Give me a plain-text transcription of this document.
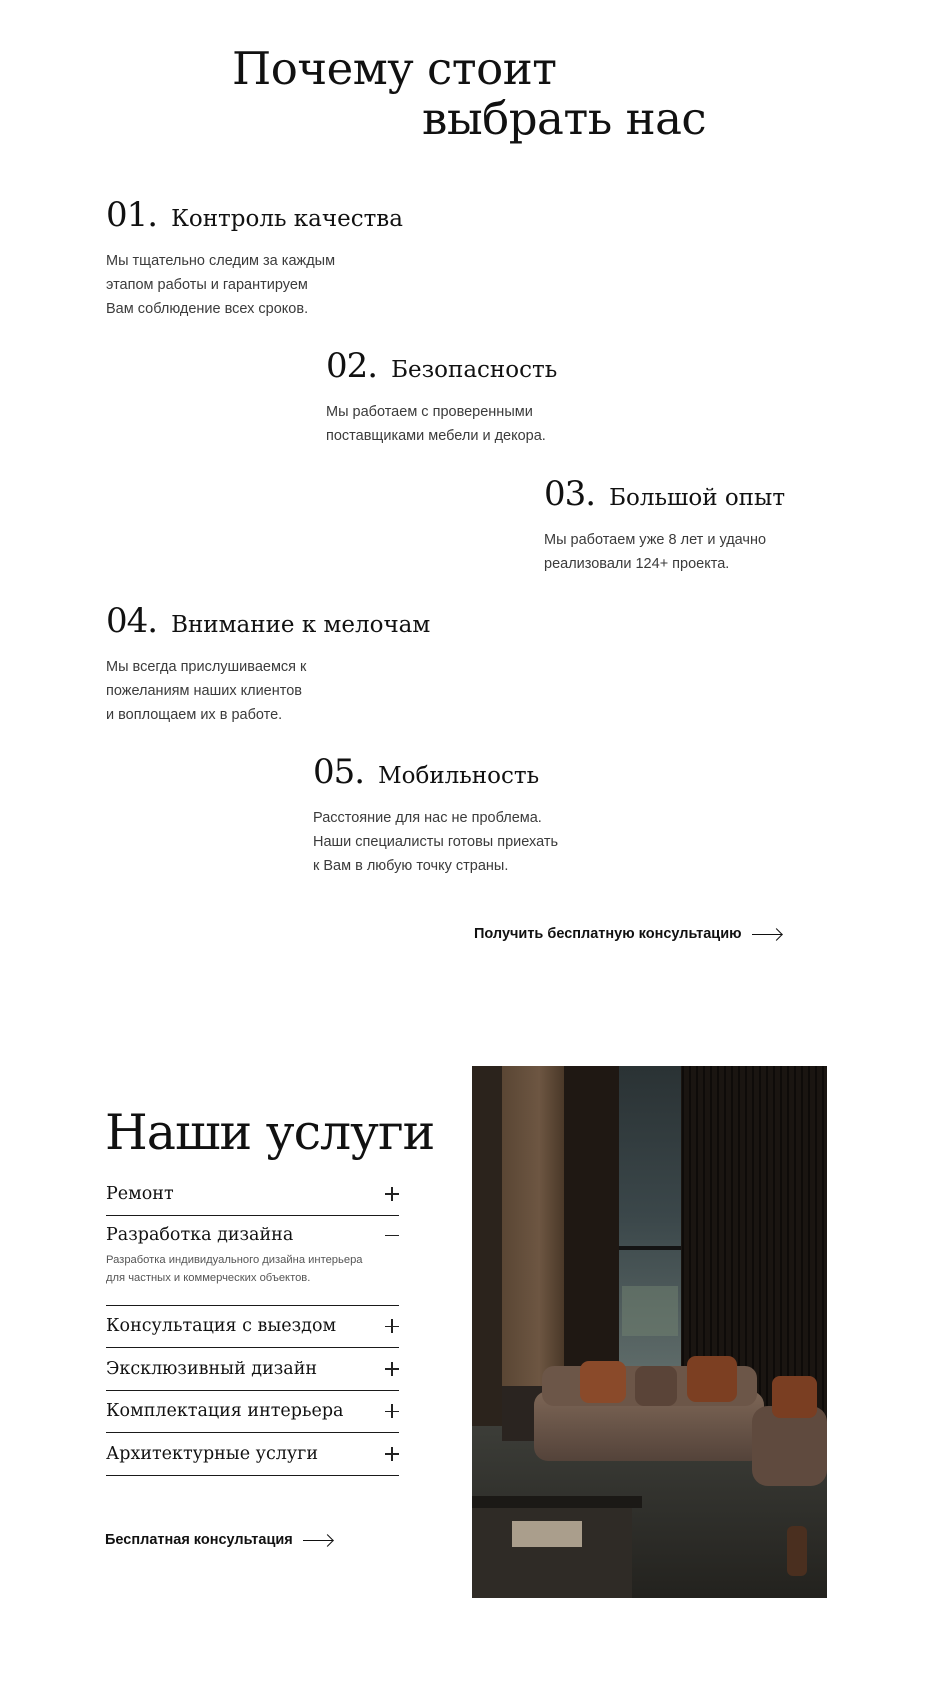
Почему стоит
выбрать нас
01. Контроль качества
Мы тщательно следим за каждым
этапом работы и гарантируем
Вам соблюдение всех сроков.
02. Безопасность
Мы работаем с проверенными
поставщиками мебели и декора.
03. Большой опыт
Мы работаем уже 8 лет и удачно
реализовали 124+ проекта.
04. Внимание к мелочам
Мы всегда прислушиваемся к
пожеланиям наших клиентов
и воплощаем их в работе.
05. Мобильность
Расстояние для нас не проблема.
Наши специалисты готовы приехать
к Вам в любую точку страны.
Получить бесплатную консультацию
Наши услуги
Ремонт
Разработка дизайна
Разработка индивидуального дизайна интерьера
для частных и коммерческих объектов.
Консультация с выездом
Эксклюзивный дизайн
Комплектация интерьера
Архитектурные услуги
Бесплатная консультация
